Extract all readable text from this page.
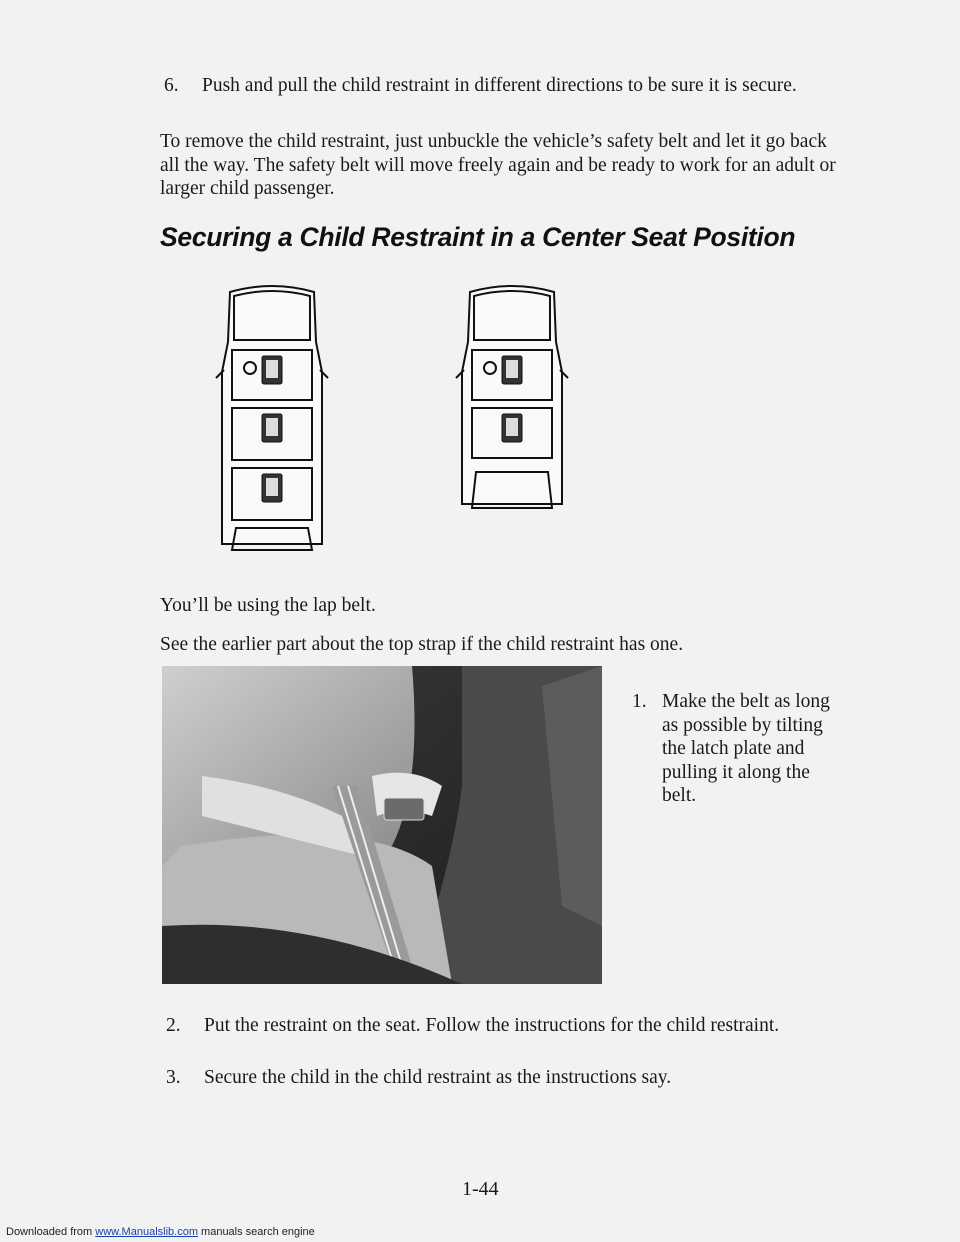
6. Push and pull the child restraint in different directions to be sure it is secure.
To remove the child restraint, just unbuckle the vehicle’s safety belt and let it go back all the way. The safety belt will move freely again and be ready to work for an adult or larger child passenger.
Securing a Child Restraint in a Center Seat Position
You’ll be using the lap belt.
See the earlier part about the top strap if the child restraint has one.
1. Make the belt as long as possible by tilting the latch plate and pulling it along the belt.
2. Put the restraint on the seat. Follow the instructions for the child restraint.
3. Secure the child in the child restraint as the instructions say.
1-44
Downloaded from www.Manualslib.com manuals search engine
